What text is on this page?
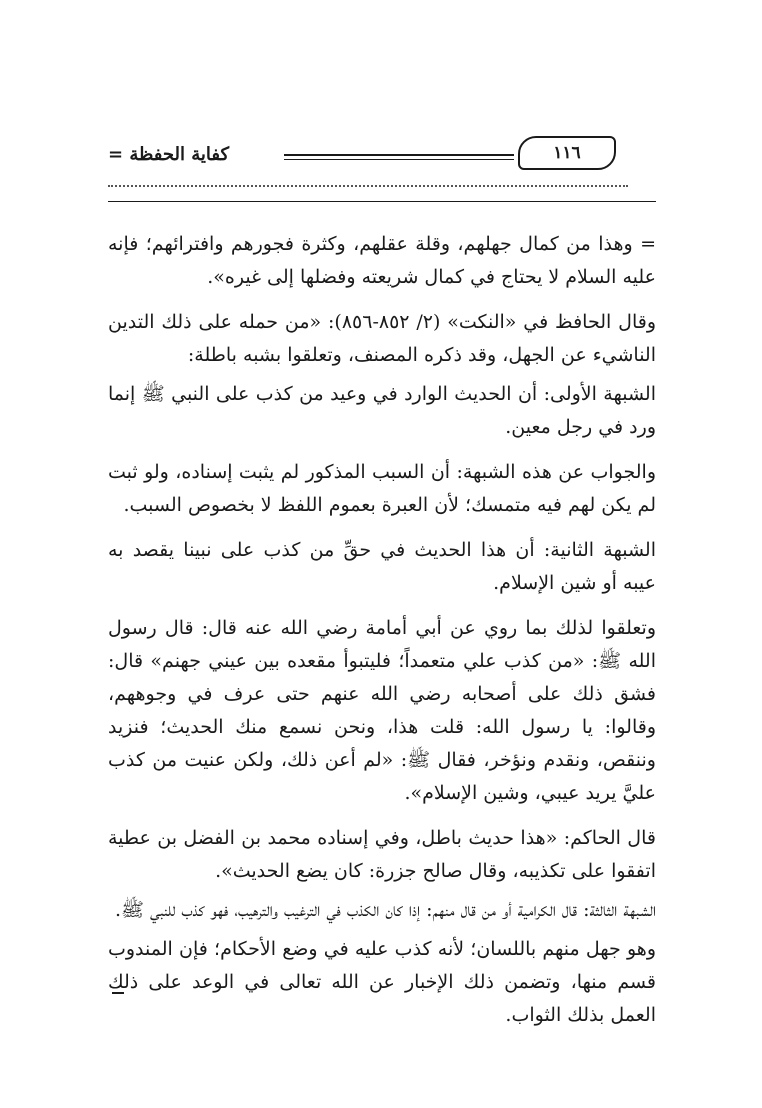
كفاية الحفظة =	١١٦

= وهذا من كمال جهلهم، وقلة عقلهم، وكثرة فجورهم وافترائهم؛ فإنه عليه السلام لا يحتاج في كمال شريعته وفضلها إلى غيره».

وقال الحافظ في «النكت» (٢/ ٨٥٢-٨٥٦): «من حمله على ذلك التدين الناشيء عن الجهل، وقد ذكره المصنف، وتعلقوا بشبه باطلة:

الشبهة الأولى: أن الحديث الوارد في وعيد من كذب على النبي ﷺ إنما ورد في رجل معين.

والجواب عن هذه الشبهة: أن السبب المذكور لم يثبت إسناده، ولو ثبت لم يكن لهم فيه متمسك؛ لأن العبرة بعموم اللفظ لا بخصوص السبب.

الشبهة الثانية: أن هذا الحديث في حقِّ من كذب على نبينا يقصد به عيبه أو شين الإسلام.

وتعلقوا لذلك بما روي عن أبي أمامة رضي الله عنه قال: قال رسول الله ﷺ: «من كذب علي متعمداً؛ فليتبوأ مقعده بين عيني جهنم» قال: فشق ذلك على أصحابه رضي الله عنهم حتى عرف في وجوههم، وقالوا: يا رسول الله: قلت هذا، ونحن نسمع منك الحديث؛ فنزيد وننقص، ونقدم ونؤخر، فقال ﷺ: «لم أعن ذلك، ولكن عنيت من كذب عليَّ يريد عيبي، وشين الإسلام».

قال الحاكم: «هذا حديث باطل، وفي إسناده محمد بن الفضل بن عطية اتفقوا على تكذيبه، وقال صالح جزرة: كان يضع الحديث».

الشبهة الثالثة: قال الكرامية أو من قال منهم: إذا كان الكذب في الترغيب والترهيب، فهو كذب للنبي ﷺ.

وهو جهل منهم باللسان؛ لأنه كذب عليه في وضع الأحكام؛ فإن المندوب قسم منها، وتضمن ذلك الإخبار عن الله تعالى في الوعد على ذلك العمل بذلك الثواب.
